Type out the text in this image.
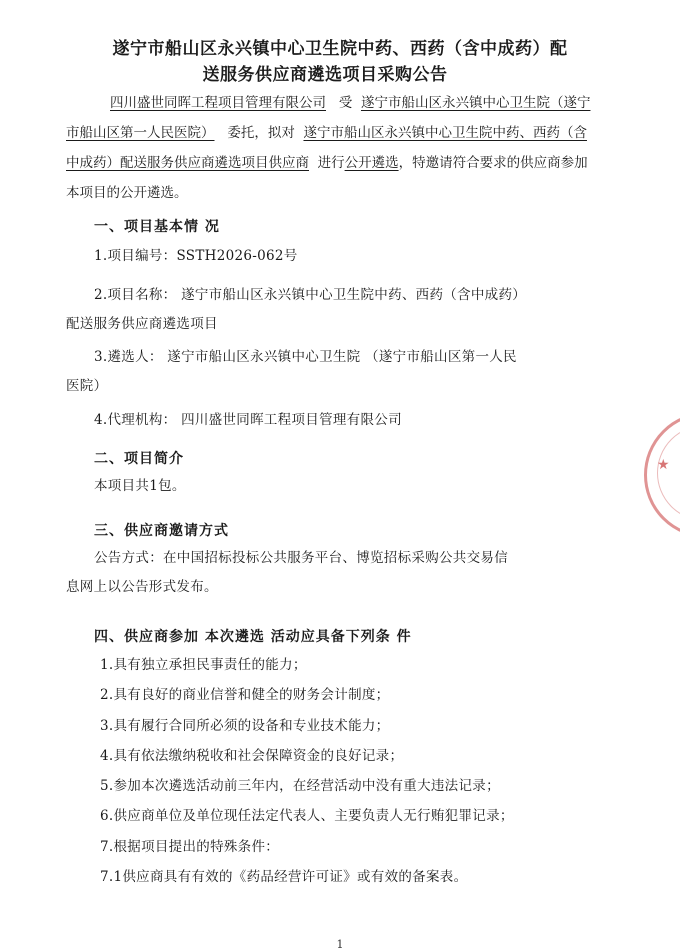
遂宁市船山区永兴镇中心卫生院中药、西药（含中成药）配
送服务供应商遴选项目采购公告
四川盛世同晖工程项目管理有限公司 受 遂宁市船山区永兴镇中心卫生院（遂宁市船山区第一人民医院） 委托，拟对 遂宁市船山区永兴镇中心卫生院中药、西药（含中成药）配送服务供应商遴选项目供应商 进行公开遴选，特邀请符合要求的供应商参加 本项目的公开遴选。
一、项目基本情 况
1.项目编号：SSTH2026-062号
2.项目名称： 遂宁市船山区永兴镇中心卫生院中药、西药（含中成药）
配送服务供应商遴选项目
3.遴选人： 遂宁市船山区永兴镇中心卫生院 （遂宁市船山区第一人民
医院）
4.代理机构： 四川盛世同晖工程项目管理有限公司
二、项目简介
本项目共1包。
三、供应商邀请方式
公告方式：在中国招标投标公共服务平台、博览招标采购公共交易信
息网上以公告形式发布。
四、供应商参加 本次遴选 活动应具备下列条 件
1.具有独立承担民事责任的能力；
2.具有良好的商业信誉和健全的财务会计制度；
3.具有履行合同所必须的设备和专业技术能力；
4.具有依法缴纳税收和社会保障资金的良好记录；
5.参加本次遴选活动前三年内，在经营活动中没有重大违法记录；
6.供应商单位及单位现任法定代表人、主要负责人无行贿犯罪记录；
7.根据项目提出的特殊条件：
7.1供应商具有有效的《药品经营许可证》或有效的备案表。
★
1
